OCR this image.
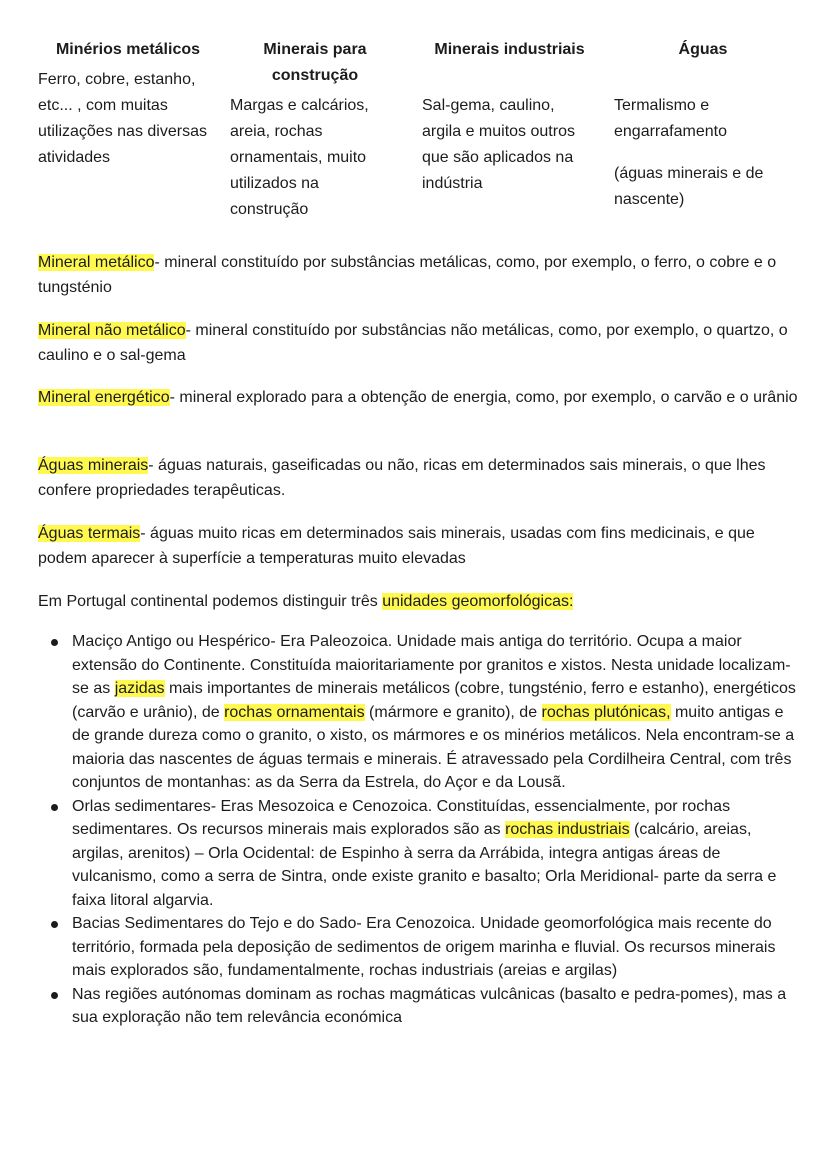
Minérios metálicos
Ferro, cobre, estanho, etc... , com muitas utilizações nas diversas atividades
Minerais para construção
Margas e calcários, areia, rochas ornamentais, muito utilizados na construção
Minerais industriais
Sal-gema, caulino, argila e muitos outros que são aplicados na indústria
Águas
Termalismo e engarrafamento
(águas minerais e de nascente)

Mineral metálico- mineral constituído por substâncias metálicas, como, por exemplo, o ferro, o cobre e o tungsténio

Mineral não metálico- mineral constituído por substâncias não metálicas, como, por exemplo, o quartzo, o caulino e o sal-gema

Mineral energético- mineral explorado para a obtenção de energia, como, por exemplo, o carvão e o urânio

Águas minerais- águas naturais, gaseificadas ou não, ricas em determinados sais minerais, o que lhes confere propriedades terapêuticas.

Águas termais- águas muito ricas em determinados sais minerais, usadas com fins medicinais, e que podem aparecer à superfície a temperaturas muito elevadas

Em Portugal continental podemos distinguir três unidades geomorfológicas:

Maciço Antigo ou Hespérico- Era Paleozoica. Unidade mais antiga do território. Ocupa a maior extensão do Continente. Constituída maioritariamente por granitos e xistos. Nesta unidade localizam-se as jazidas mais importantes de minerais metálicos (cobre, tungsténio, ferro e estanho), energéticos (carvão e urânio), de rochas ornamentais (mármore e granito), de rochas plutónicas, muito antigas e de grande dureza como o granito, o xisto, os mármores e os minérios metálicos. Nela encontram-se a maioria das nascentes de águas termais e minerais. É atravessado pela Cordilheira Central, com três conjuntos de montanhas: as da Serra da Estrela, do Açor e da Lousã.
Orlas sedimentares- Eras Mesozoica e Cenozoica. Constituídas, essencialmente, por rochas sedimentares. Os recursos minerais mais explorados são as rochas industriais (calcário, areias, argilas, arenitos) – Orla Ocidental: de Espinho à serra da Arrábida, integra antigas áreas de vulcanismo, como a serra de Sintra, onde existe granito e basalto; Orla Meridional- parte da serra e faixa litoral algarvia.
Bacias Sedimentares do Tejo e do Sado- Era Cenozoica. Unidade geomorfológica mais recente do território, formada pela deposição de sedimentos de origem marinha e fluvial. Os recursos minerais mais explorados são, fundamentalmente, rochas industriais (areias e argilas)
Nas regiões autónomas dominam as rochas magmáticas vulcânicas (basalto e pedra-pomes), mas a sua exploração não tem relevância económica
